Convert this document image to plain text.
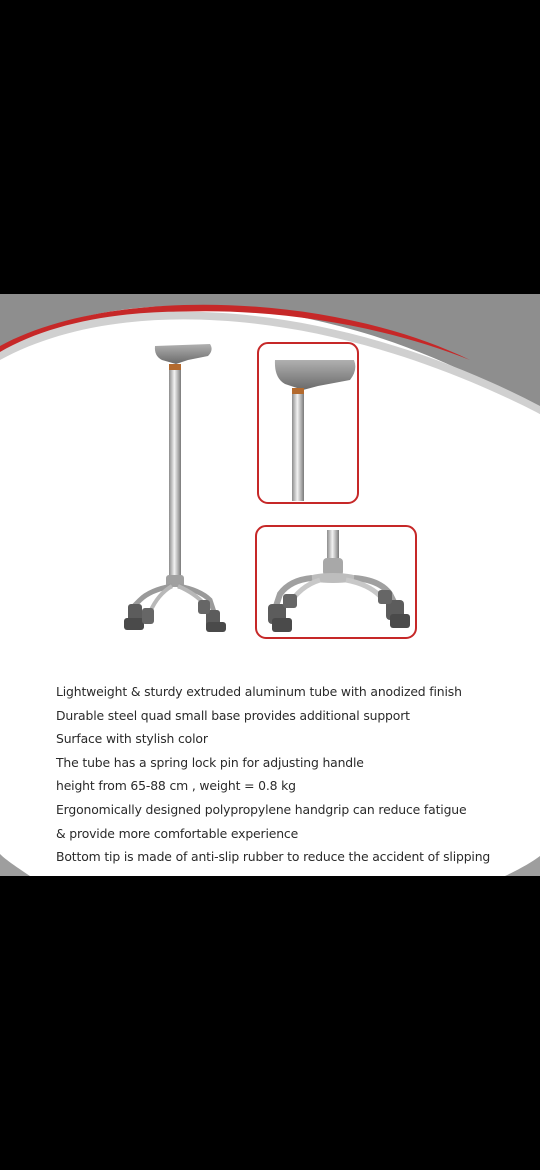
Lightweight & sturdy extruded aluminum tube with anodized finish
Durable steel quad small base provides additional support
Surface with stylish color
The tube has a spring lock pin for adjusting handle
height from 65-88 cm , weight = 0.8 kg
Ergonomically designed polypropylene handgrip can reduce fatigue
& provide more comfortable experience
Bottom tip is made of anti-slip rubber to reduce the accident of slipping
